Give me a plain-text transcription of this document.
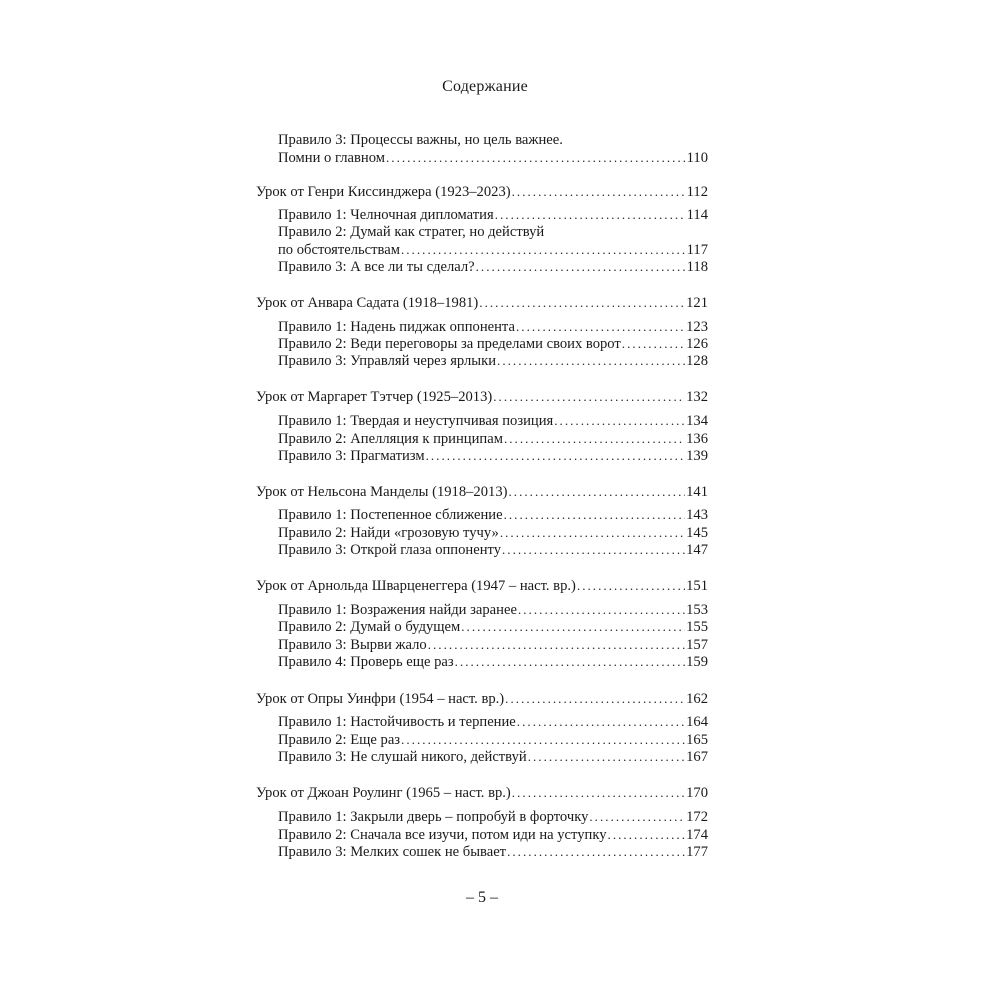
Содержание
Правило 3: Процессы важны, но цель важнее.
Помни о главном . . .	110
Урок от Генри Киссинджера (1923–2023) . . .	112
Правило 1: Челночная дипломатия . . .	114
Правило 2: Думай как стратег, но действуй
по обстоятельствам . . .	117
Правило 3: А все ли ты сделал? . . .	118
Урок от Анвара Садата (1918–1981) . . .	121
Правило 1: Надень пиджак оппонента . . .	123
Правило 2: Веди переговоры за пределами своих ворот . . .	126
Правило 3: Управляй через ярлыки . . .	128
Урок от Маргарет Тэтчер (1925–2013) . . .	132
Правило 1: Твердая и неуступчивая позиция . . .	134
Правило 2: Апелляция к принципам . . .	136
Правило 3: Прагматизм . . .	139
Урок от Нельсона Манделы (1918–2013) . . .	141
Правило 1: Постепенное сближение . . .	143
Правило 2: Найди «грозовую тучу» . . .	145
Правило 3: Открой глаза оппоненту . . .	147
Урок от Арнольда Шварценеггера (1947 – наст. вр.) . . .	151
Правило 1: Возражения найди заранее . . .	153
Правило 2: Думай о будущем . . .	155
Правило 3: Вырви жало . . .	157
Правило 4: Проверь еще раз . . .	159
Урок от Опры Уинфри (1954 – наст. вр.) . . .	162
Правило 1: Настойчивость и терпение . . .	164
Правило 2: Еще раз . . .	165
Правило 3: Не слушай никого, действуй . . .	167
Урок от Джоан Роулинг (1965 – наст. вр.) . . .	170
Правило 1: Закрыли дверь – попробуй в форточку . . .	172
Правило 2: Сначала все изучи, потом иди на уступку . . .	174
Правило 3: Мелких сошек не бывает . . .	177
– 5 –
